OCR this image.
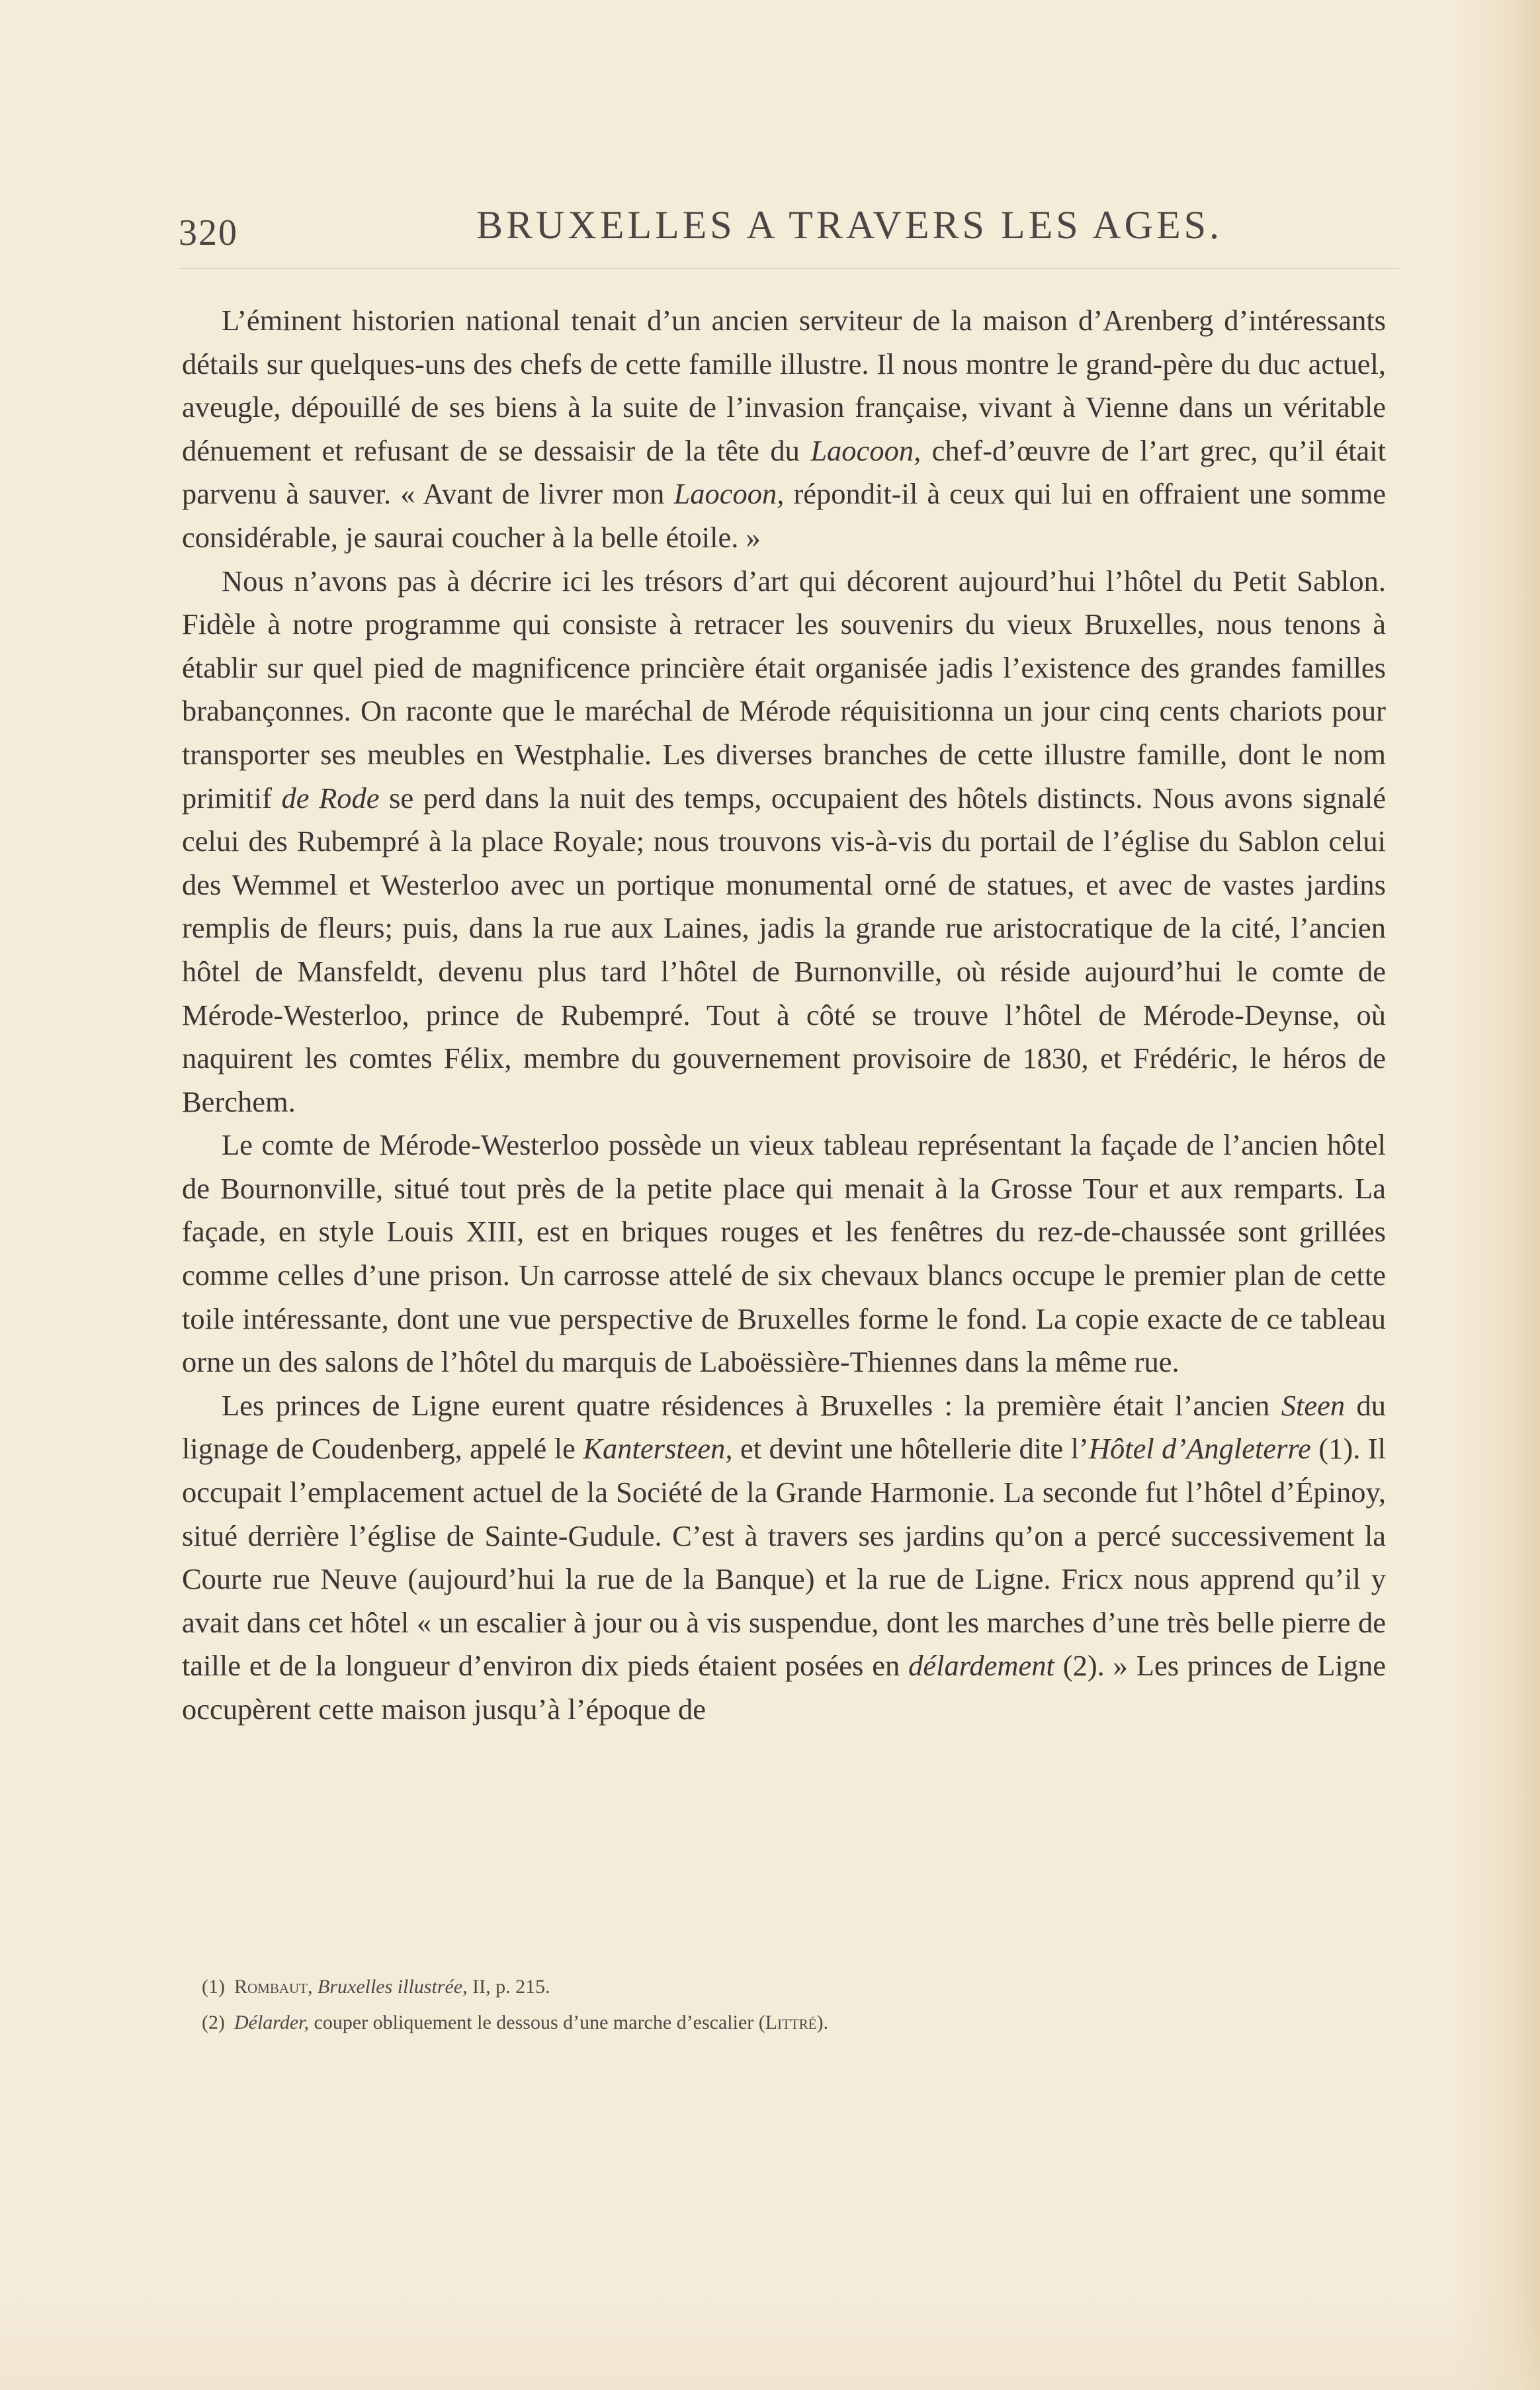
320	BRUXELLES A TRAVERS LES AGES.

L’éminent historien national tenait d’un ancien serviteur de la maison d’Arenberg d’intéressants détails sur quelques-uns des chefs de cette famille illustre. Il nous montre le grand-père du duc actuel, aveugle, dépouillé de ses biens à la suite de l’invasion française, vivant à Vienne dans un véritable dénuement et refusant de se dessaisir de la tête du Laocoon, chef-d’œuvre de l’art grec, qu’il était parvenu à sauver. « Avant de livrer mon Laocoon, répondit-il à ceux qui lui en offraient une somme considérable, je saurai coucher à la belle étoile. »

Nous n’avons pas à décrire ici les trésors d’art qui décorent aujourd’hui l’hôtel du Petit Sablon. Fidèle à notre programme qui consiste à retracer les souvenirs du vieux Bruxelles, nous tenons à établir sur quel pied de magnificence princière était organisée jadis l’existence des grandes familles brabançonnes. On raconte que le maréchal de Mérode réquisitionna un jour cinq cents chariots pour transporter ses meubles en Westphalie. Les diverses branches de cette illustre famille, dont le nom primitif de Rode se perd dans la nuit des temps, occupaient des hôtels distincts. Nous avons signalé celui des Rubempré à la place Royale; nous trouvons vis-à-vis du portail de l’église du Sablon celui des Wemmel et Westerloo avec un portique monumental orné de statues, et avec de vastes jardins remplis de fleurs; puis, dans la rue aux Laines, jadis la grande rue aristocratique de la cité, l’ancien hôtel de Mansfeldt, devenu plus tard l’hôtel de Burnonville, où réside aujourd’hui le comte de Mérode-Westerloo, prince de Rubempré. Tout à côté se trouve l’hôtel de Mérode-Deynse, où naquirent les comtes Félix, membre du gouvernement provisoire de 1830, et Frédéric, le héros de Berchem.

Le comte de Mérode-Westerloo possède un vieux tableau représentant la façade de l’ancien hôtel de Bournonville, situé tout près de la petite place qui menait à la Grosse Tour et aux remparts. La façade, en style Louis XIII, est en briques rouges et les fenêtres du rez-de-chaussée sont grillées comme celles d’une prison. Un carrosse attelé de six chevaux blancs occupe le premier plan de cette toile intéressante, dont une vue perspective de Bruxelles forme le fond. La copie exacte de ce tableau orne un des salons de l’hôtel du marquis de Laboëssière-Thiennes dans la même rue.

Les princes de Ligne eurent quatre résidences à Bruxelles : la première était l’ancien Steen du lignage de Coudenberg, appelé le Kantersteen, et devint une hôtellerie dite l’Hôtel d’Angleterre (1). Il occupait l’emplacement actuel de la Société de la Grande Harmonie. La seconde fut l’hôtel d’Épinoy, situé derrière l’église de Sainte-Gudule. C’est à travers ses jardins qu’on a percé successivement la Courte rue Neuve (aujourd’hui la rue de la Banque) et la rue de Ligne. Fricx nous apprend qu’il y avait dans cet hôtel « un escalier à jour ou à vis suspendue, dont les marches d’une très belle pierre de taille et de la longueur d’environ dix pieds étaient posées en délardement (2). » Les princes de Ligne occupèrent cette maison jusqu’à l’époque de

(1) Rombaut, Bruxelles illustrée, II, p. 215.
(2) Délarder, couper obliquement le dessous d’une marche d’escalier (Littré).
